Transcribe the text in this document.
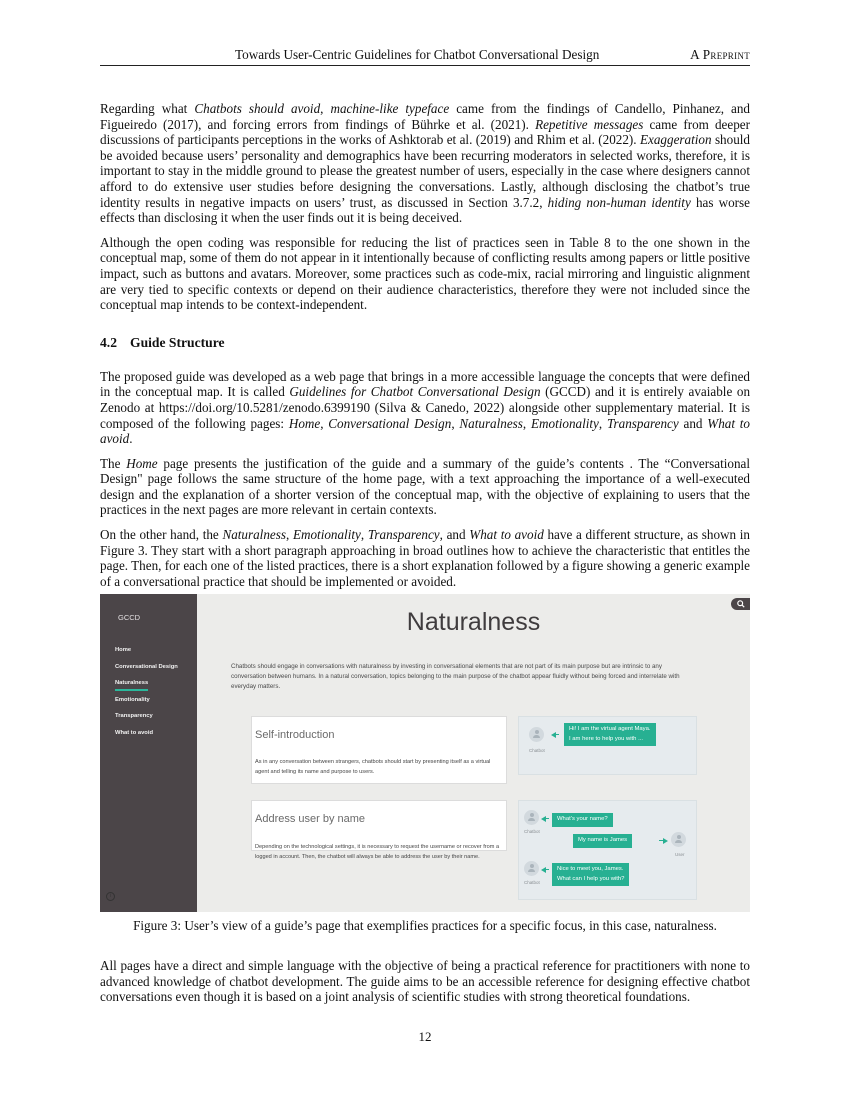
Towards User-Centric Guidelines for Chatbot Conversational Design	A Preprint

Regarding what Chatbots should avoid, machine-like typeface came from the findings of Candello, Pinhanez, and Figueiredo (2017), and forcing errors from findings of Bührke et al. (2021). Repetitive messages came from deeper discussions of participants perceptions in the works of Ashktorab et al. (2019) and Rhim et al. (2022). Exaggeration should be avoided because users’ personality and demographics have been recurring moderators in selected works, therefore, it is important to stay in the middle ground to please the greatest number of users, especially in the case where designers cannot afford to do extensive user studies before designing the conversations. Lastly, although disclosing the chatbot’s true identity results in negative impacts on users’ trust, as discussed in Section 3.7.2, hiding non-human identity has worse effects than disclosing it when the user finds out it is being deceived.

Although the open coding was responsible for reducing the list of practices seen in Table 8 to the one shown in the conceptual map, some of them do not appear in it intentionally because of conflicting results among papers or little positive impact, such as buttons and avatars. Moreover, some practices such as code-mix, racial mirroring and linguistic alignment are very tied to specific contexts or depend on their audience characteristics, therefore they were not included since the conceptual map intends to be context-independent.

4.2 Guide Structure

The proposed guide was developed as a web page that brings in a more accessible language the concepts that were defined in the conceptual map. It is called Guidelines for Chatbot Conversational Design (GCCD) and it is entirely avaiable on Zenodo at https://doi.org/10.5281/zenodo.6399190 (Silva & Canedo, 2022) alongside other supplementary material. It is composed of the following pages: Home, Conversational Design, Naturalness, Emotionality, Transparency and What to avoid.

The Home page presents the justification of the guide and a summary of the guide’s contents . The “Conversational Design" page follows the same structure of the home page, with a text approaching the importance of a well-executed design and the explanation of a shorter version of the conceptual map, with the objective of explaining to users that the practices in the next pages are more relevant in certain contexts.

On the other hand, the Naturalness, Emotionality, Transparency, and What to avoid have a different structure, as shown in Figure 3. They start with a short paragraph approaching in broad outlines how to achieve the characteristic that entitles the page. Then, for each one of the listed practices, there is a short explanation followed by a figure showing a generic example of a conversational practice that should be implemented or avoided.

GCCD
Home
Conversational Design
Naturalness
Emotionality
Transparency
What to avoid
i
Naturalness
Chatbots should engage in conversations with naturalness by investing in conversational elements that are not part of its main purpose but are intrinsic to any conversation between humans. In a natural conversation, topics belonging to the main purpose of the chatbot appear fluidly without being forced and interrelate with everyday matters.
Self-introduction
As in any conversation between strangers, chatbots should start by presenting itself as a virtual agent and telling its name and purpose to users.
Chatbot
Hi! I am the virtual agent Maya.
I am here to help you with ...
Address user by name
Depending on the technological settings, it is necessary to request the username or recover from a logged in account. Then, the chatbot will always be able to address the user by their name.
Chatbot
What’s your name?
My name is James
User
Chatbot
Nice to meet you, James.
What can I help you with?
Figure 3: User’s view of a guide’s page that exemplifies practices for a specific focus, in this case, naturalness.

All pages have a direct and simple language with the objective of being a practical reference for practitioners with none to advanced knowledge of chatbot development. The guide aims to be an accessible reference for designing effective chatbot conversations even though it is based on a joint analysis of scientific studies with strong theoretical foundations.

12
